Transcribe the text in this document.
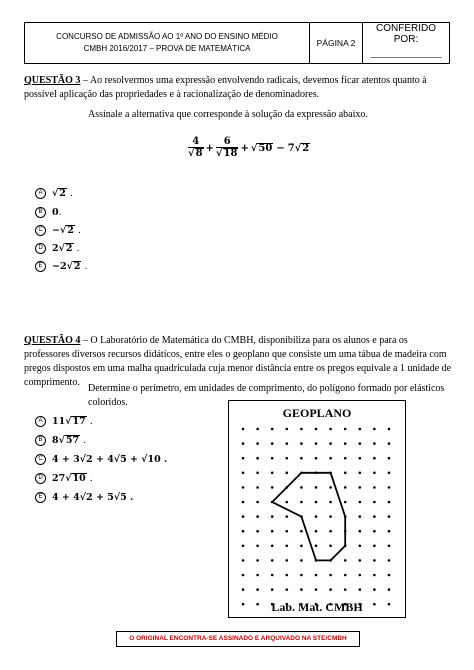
CONCURSO DE ADMISSÃO AO 1º ANO DO ENSINO MÉDIO
CMBH 2016/2017 – PROVA DE MATEMÁTICA
	PÁGINA 2	CONFERIDO POR:
________________

QUESTÃO 3 – Ao resolvermos uma expressão envolvendo radicais, devemos ficar atentos quanto à possível aplicação das propriedades e à racionalização de denominadores.

Assinale a alternativa que corresponde à solução da expressão abaixo.

$\frac{4}{√8} + \frac{6}{√18} + √50 - 7$ √2
A	√2 .
B	0.
C −√2 .
D 2√2 .
E	−2√2 .

QUESTÃO 4 – O Laboratório de Matemática do CMBH, disponibiliza para os alunos e para os professores diversos recursos didáticos, entre eles o geoplano que consiste um uma tábua de madeira com pregos dispostos em uma malha quadriculada cuja menor distância entre os pregos equivale a 1 unidade de comprimento.

Determine o perímetro, em unidades de comprimento, do polígono formado por elásticos coloridos.

A	11√17 .
B	8√57 .
C 4 + 3√2 + 4√5 + √10 .
D 27√10 .
E	4 + 4√2 + 5√5 .
GEOPLANO
Lab. Mat. CMBH
O ORIGINAL ENCONTRA-SE ASSINADO E ARQUIVADO NA STE/CMBH
